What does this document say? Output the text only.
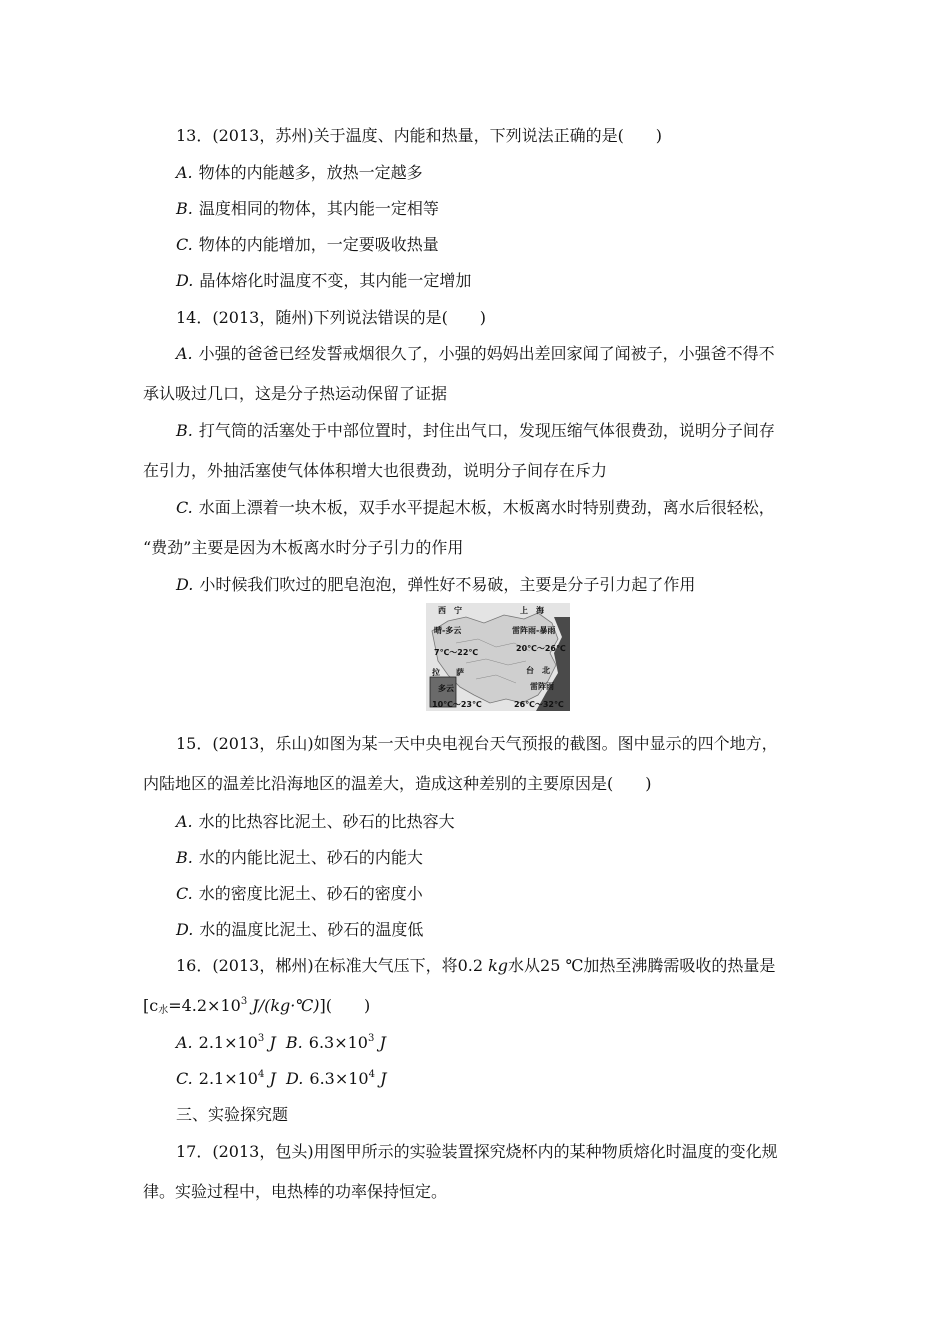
13．(2013，苏州)关于温度、内能和热量，下列说法正确的是(　　)
A. 物体的内能越多，放热一定越多
B. 温度相同的物体，其内能一定相等
C. 物体的内能增加，一定要吸收热量
D. 晶体熔化时温度不变，其内能一定增加
14．(2013，随州)下列说法错误的是(　　)
A. 小强的爸爸已经发誓戒烟很久了，小强的妈妈出差回家闻了闻被子，小强爸不得不
承认吸过几口，这是分子热运动保留了证据
B. 打气筒的活塞处于中部位置时，封住出气口，发现压缩气体很费劲，说明分子间存
在引力，外抽活塞使气体体积增大也很费劲，说明分子间存在斥力
C. 水面上漂着一块木板，双手水平提起木板，木板离水时特别费劲，离水后很轻松，
“费劲”主要是因为木板离水时分子引力的作用
D. 小时候我们吹过的肥皂泡泡，弹性好不易破，主要是分子引力起了作用
西　宁
晴-多云
7℃～22℃
上　海
雷阵雨-暴雨
20℃～26℃
拉　　萨	台　北
多云	雷阵雨
10℃～23℃	26℃～32℃
15．(2013，乐山)如图为某一天中央电视台天气预报的截图。图中显示的四个地方，
内陆地区的温差比沿海地区的温差大，造成这种差别的主要原因是(　　)
A. 水的比热容比泥土、砂石的比热容大
B. 水的内能比泥土、砂石的内能大
C. 水的密度比泥土、砂石的密度小
D. 水的温度比泥土、砂石的温度低
16．(2013，郴州)在标准大气压下，将0.2 kg水从25 ℃加热至沸腾需吸收的热量是
[$c_水=4.2\times 10^3$ J/(kg·℃)](　　)
A. $2.1\times 10^3$ J B. $6.3\times 10^3$ J
C. $2.1\times 10^4$ J D. $6.3\times 10^4$ J
三、实验探究题
17．(2013，包头)用图甲所示的实验装置探究烧杯内的某种物质熔化时温度的变化规
律。实验过程中，电热棒的功率保持恒定。
